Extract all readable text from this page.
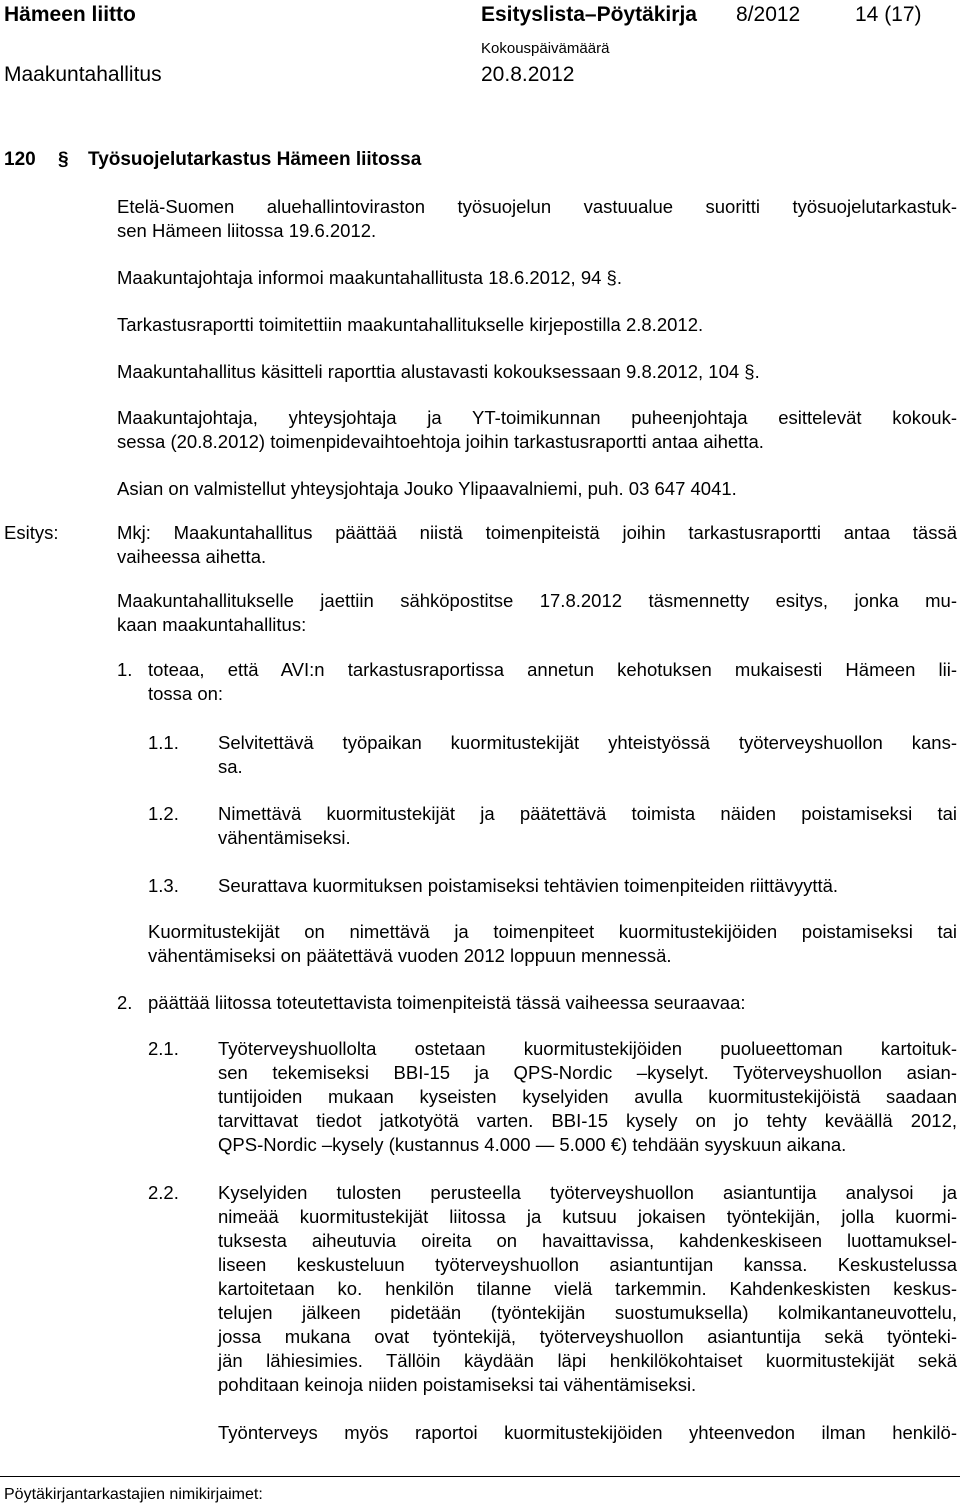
Hämeen liitto	Esityslista–Pöytäkirja 8/2012	14 (17)
Maakuntahallitus
Kokouspäivämäärä
20.8.2012
120 § Työsuojelutarkastus Hämeen liitossa
Etelä-Suomen aluehallintoviraston työsuojelun vastuualue suoritti työsuojelutarkastuk-
sen Hämeen liitossa 19.6.2012.
Maakuntajohtaja informoi maakuntahallitusta 18.6.2012, 94 §.
Tarkastusraportti toimitettiin maakuntahallitukselle kirjepostilla 2.8.2012.
Maakuntahallitus käsitteli raporttia alustavasti kokouksessaan 9.8.2012, 104 §.
Maakuntajohtaja, yhteysjohtaja ja YT-toimikunnan puheenjohtaja esittelevät kokouk-
sessa (20.8.2012) toimenpidevaihtoehtoja joihin tarkastusraportti antaa aihetta.
Asian on valmistellut yhteysjohtaja Jouko Ylipaavalniemi, puh. 03 647 4041.
Esitys:	Mkj: Maakuntahallitus päättää niistä toimenpiteistä joihin tarkastusraportti antaa tässä
vaiheessa aihetta.
Maakuntahallitukselle jaettiin sähköpostitse 17.8.2012 täsmennetty esitys, jonka mu-
kaan maakuntahallitus:
1. toteaa, että AVI:n tarkastusraportissa annetun kehotuksen mukaisesti Hämeen lii-
tossa on:
1.1. Selvitettävä työpaikan kuormitustekijät yhteistyössä työterveyshuollon kans-
sa.
1.2. Nimettävä kuormitustekijät ja päätettävä toimista näiden poistamiseksi tai
vähentämiseksi.
1.3. Seurattava kuormituksen poistamiseksi tehtävien toimenpiteiden riittävyyttä.
Kuormitustekijät on nimettävä ja toimenpiteet kuormitustekijöiden poistamiseksi tai
vähentämiseksi on päätettävä vuoden 2012 loppuun mennessä.
2. päättää liitossa toteutettavista toimenpiteistä tässä vaiheessa seuraavaa:
2.1. Työterveyshuollolta ostetaan kuormitustekijöiden puolueettoman kartoituk-
sen tekemiseksi BBI-15 ja QPS-Nordic –kyselyt. Työterveyshuollon asian-
tuntijoiden mukaan kyseisten kyselyiden avulla kuormitustekijöistä saadaan
tarvittavat tiedot jatkotyötä varten. BBI-15 kysely on jo tehty keväällä 2012,
QPS-Nordic –kysely (kustannus 4.000 — 5.000 €) tehdään syyskuun aikana.
2.2. Kyselyiden tulosten perusteella työterveyshuollon asiantuntija analysoi ja
nimeää kuormitustekijät liitossa ja kutsuu jokaisen työntekijän, jolla kuormi-
tuksesta aiheutuvia oireita on havaittavissa, kahdenkeskiseen luottamuksel-
liseen keskusteluun työterveyshuollon asiantuntijan kanssa. Keskustelussa
kartoitetaan ko. henkilön tilanne vielä tarkemmin. Kahdenkeskisten keskus-
telujen jälkeen pidetään (työntekijän suostumuksella) kolmikantaneuvottelu,
jossa mukana ovat työntekijä, työterveyshuollon asiantuntija sekä työnteki-
jän lähiesimies. Tällöin käydään läpi henkilökohtaiset kuormitustekijät sekä
pohditaan keinoja niiden poistamiseksi tai vähentämiseksi.
Työnterveys myös raportoi kuormitustekijöiden yhteenvedon ilman henkilö-
Pöytäkirjantarkastajien nimikirjaimet:
